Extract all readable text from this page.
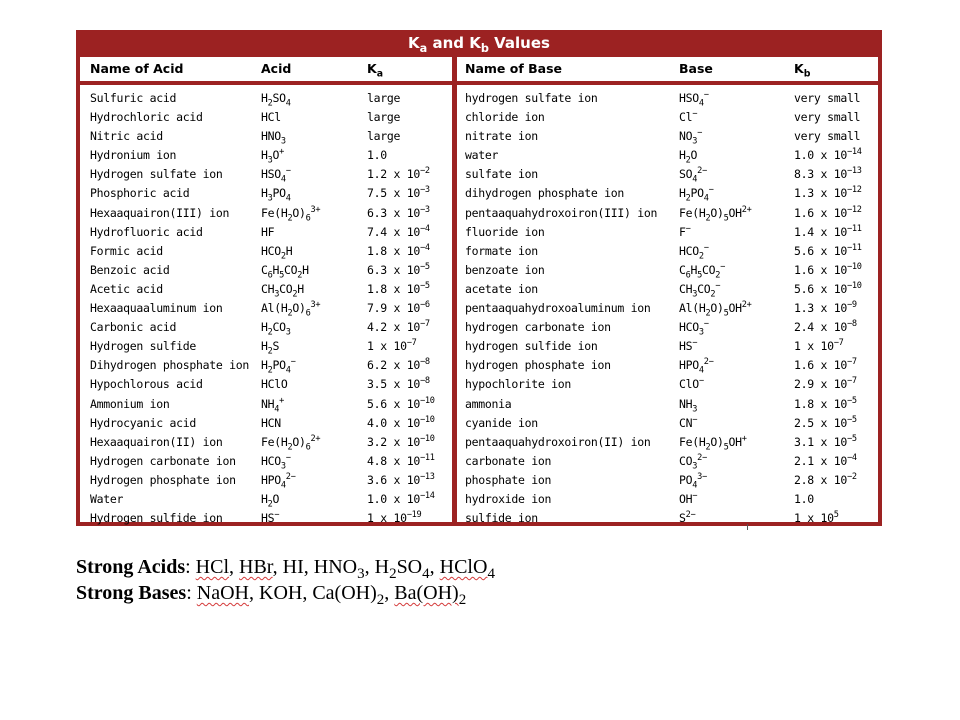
$K_a$ and $K_b$ Values
Name of Acid	Acid	$K_a$
Sulfuric acid	$H_2SO_4$	large
Hydrochloric acid	HCl	large
Nitric acid	$HNO_3$	large
Hydronium ion	$H_3O^+$	1.0
Hydrogen sulfate ion	$HSO_4^-$	1.2 x $10^{-2}$
Phosphoric acid	$H_3PO_4$	7.5 x $10^{-3}$
Hexaaquairon(III) ion	$Fe(H_2O)_6^{3+}$	6.3 x $10^{-3}$
Hydrofluoric acid	HF	7.4 x $10^{-4}$
Formic acid	$HCO_2H$	1.8 x $10^{-4}$
Benzoic acid	$C_6H_5CO_2H$	6.3 x $10^{-5}$
Acetic acid	$CH_3CO_2H$	1.8 x $10^{-5}$
Hexaaquaaluminum ion	$Al(H_2O)_6^{3+}$	7.9 x $10^{-6}$
Carbonic acid	$H_2CO_3$	4.2 x $10^{-7}$
Hydrogen sulfide	$H_2S$	1 x $10^{-7}$
Dihydrogen phosphate ion $H_2PO_4^-$	6.2 x $10^{-8}$
Hypochlorous acid	HClO	3.5 x $10^{-8}$
Ammonium ion	$NH_4^+$	5.6 x $10^{-10}$
Hydrocyanic acid	HCN	4.0 x $10^{-10}$
Hexaaquairon(II) ion	$Fe(H_2O)_6^{2+}$	3.2 x $10^{-10}$
Hydrogen carbonate ion $HCO_3^-$	4.8 x $10^{-11}$
Hydrogen phosphate ion $HPO_4^{2-}$	3.6 x $10^{-13}$
Water	$H_2O$	1.0 x $10^{-14}$
Hydrogen sulfide ion	HS−	1 x $10^{-19}$
Name of Base	Base	$K_b$
hydrogen sulfate ion	$HSO_4^-$	very small
chloride ion	Cl−	very small
nitrate ion	$NO_3^-$	very small
water	$H_2O$	1.0 x $10^{-14}$
sulfate ion	$SO_4^{2-}$	8.3 x $10^{-13}$
dihydrogen phosphate ion	$H_2PO_4^-$	1.3 x $10^{-12}$
pentaaquahydroxoiron(III) ion $Fe(H_2O)_5OH^{2+}$	1.6 x $10^{-12}$
fluoride ion	F−	1.4 x $10^{-11}$
formate ion	$HCO_2^-$	5.6 x $10^{-11}$
benzoate ion	$C_6H_5CO_2^-$	1.6 x $10^{-10}$
acetate ion	$CH_3CO_2^-$	5.6 x $10^{-10}$
pentaaquahydroxoaluminum ion $Al(H_2O)_5OH^{2+}$	1.3 x $10^{-9}$
hydrogen carbonate ion	$HCO_3^-$	2.4 x $10^{-8}$
hydrogen sulfide ion	HS−	1 x $10^{-7}$
hydrogen phosphate ion	$HPO_4^{2-}$	1.6 x $10^{-7}$
hypochlorite ion	ClO−	2.9 x $10^{-7}$
ammonia	$NH_3$	1.8 x $10^{-5}$
cyanide ion	CN−	2.5 x $10^{-5}$
pentaaquahydroxoiron(II) ion $Fe(H_2O)_5OH^+$	3.1 x $10^{-5}$
carbonate ion	$CO_3^{2-}$	2.1 x $10^{-4}$
phosphate ion	$PO_4^{3-}$	2.8 x $10^{-2}$
hydroxide ion	OH−	1.0
sulfide ion	$S^{2-}$	1 x $10^5$
Strong Acids: HCl, HBr, HI, $HNO_3$, $H_2SO_4$, HClO$_4$
Strong Bases: NaOH, KOH, $Ca(OH)_2$, $Ba(OH)_2$
